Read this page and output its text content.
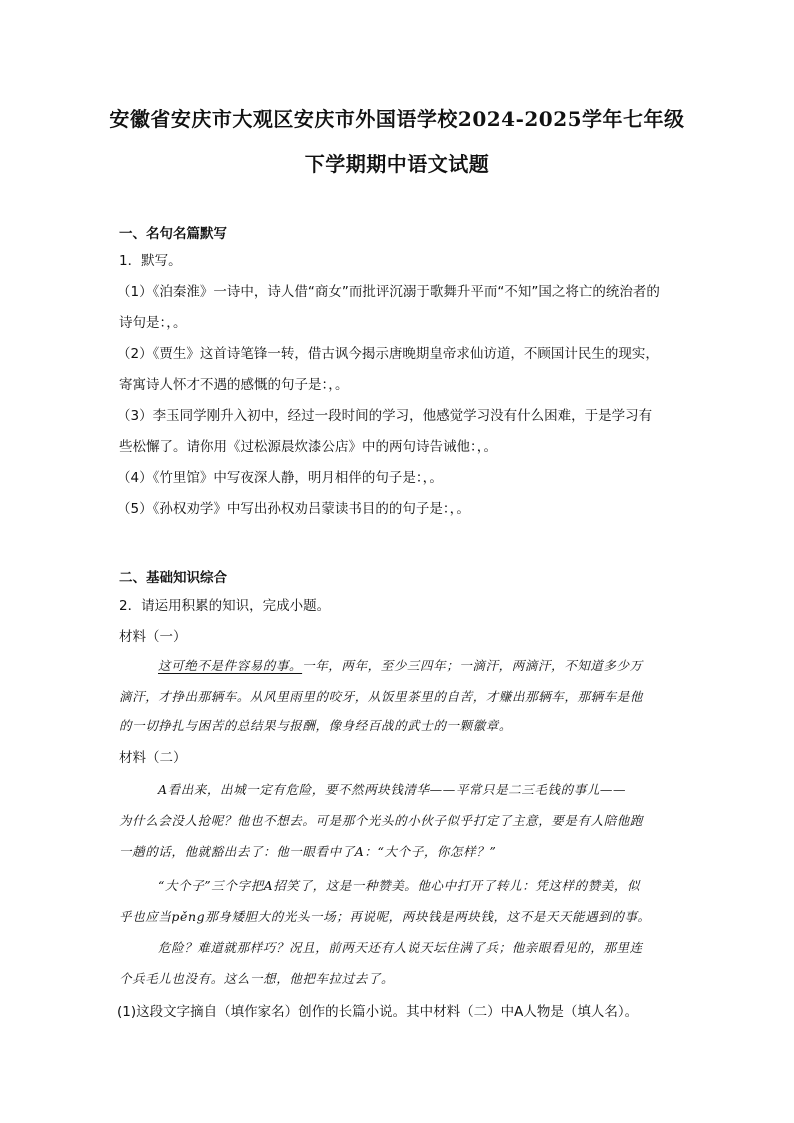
安徽省安庆市大观区安庆市外国语学校2024-2025学年七年级
下学期期中语文试题
一、名句名篇默写
1．默写。
（1）《泊秦淮》一诗中，诗人借“商女”而批评沉溺于歌舞升平而“不知”国之将亡的统治者的
诗句是：，。
（2）《贾生》这首诗笔锋一转，借古讽今揭示唐晚期皇帝求仙访道，不顾国计民生的现实，
寄寓诗人怀才不遇的感慨的句子是：，。
（3）李玉同学刚升入初中，经过一段时间的学习，他感觉学习没有什么困难，于是学习有
些松懈了。请你用《过松源晨炊漆公店》中的两句诗告诫他：，。
（4）《竹里馆》中写夜深人静，明月相伴的句子是：，。
（5）《孙权劝学》中写出孙权劝吕蒙读书目的的句子是：，。
二、基础知识综合
2．请运用积累的知识，完成小题。
材料（一）
这可绝不是件容易的事。一年，两年，至少三四年；一滴汗，两滴汗，不知道多少万
滴汗，才挣出那辆车。从风里雨里的咬牙，从饭里茶里的自苦，才赚出那辆车，那辆车是他
的一切挣扎与困苦的总结果与报酬，像身经百战的武士的一颗徽章。
材料（二）
A看出来，出城一定有危险，要不然两块钱清华——平常只是二三毛钱的事儿——
为什么会没人抢呢？他也不想去。可是那个光头的小伙子似乎打定了主意，要是有人陪他跑
一趟的话，他就豁出去了：他一眼看中了A：“大个子，你怎样？”
“大个子”三个字把A招笑了，这是一种赞美。他心中打开了转儿：凭这样的赞美，似
乎也应当pěng那身矮胆大的光头一场；再说呢，两块钱是两块钱，这不是天天能遇到的事。
危险？难道就那样巧？况且，前两天还有人说天坛住满了兵；他亲眼看见的，那里连
个兵毛儿也没有。这么一想，他把车拉过去了。
(1)这段文字摘自（填作家名）创作的长篇小说。其中材料（二）中A人物是（填人名）。
